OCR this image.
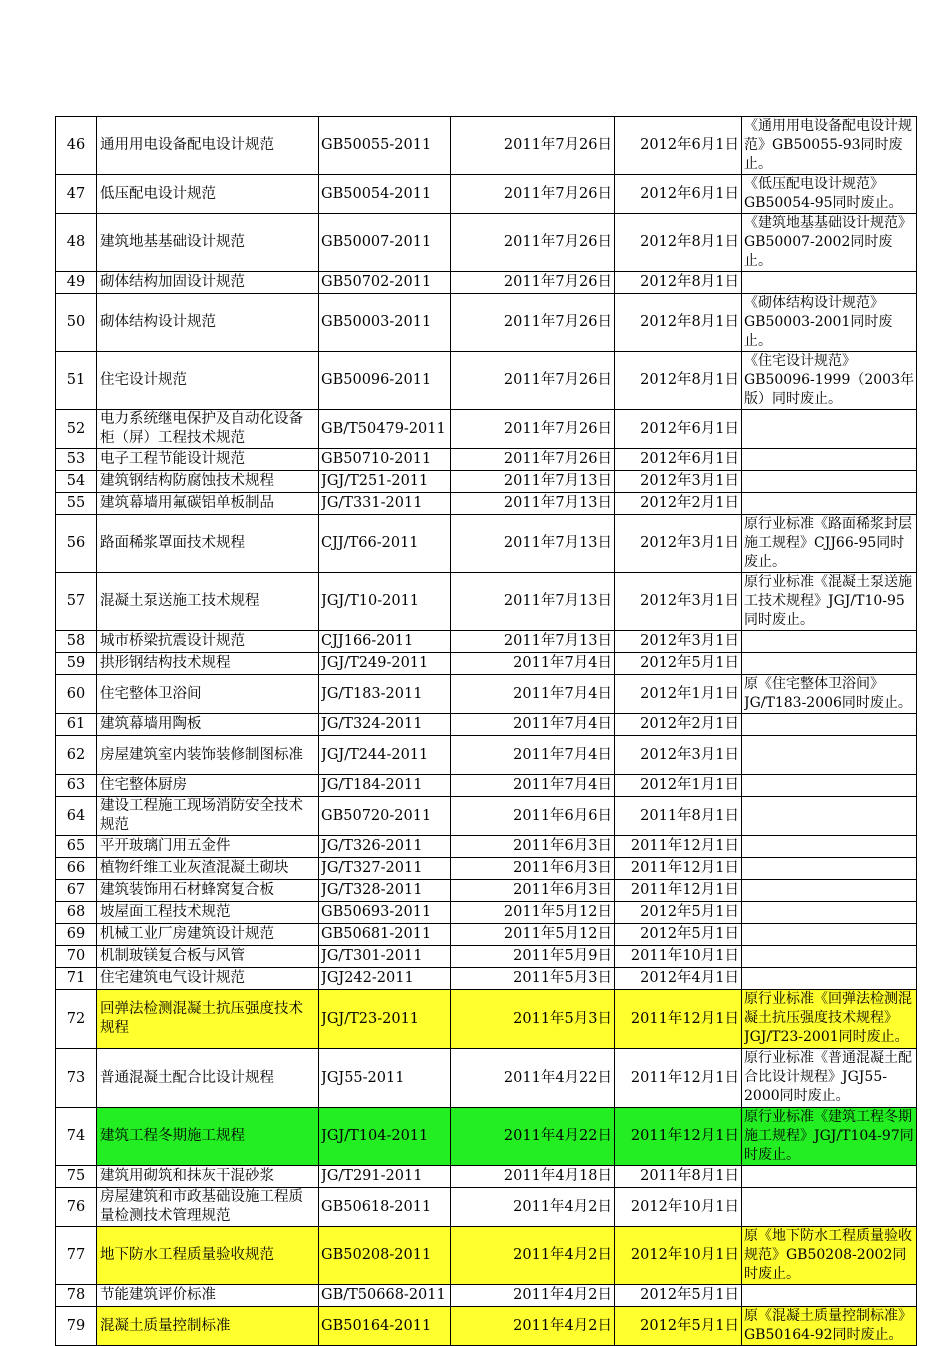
46	通用用电设备配电设计规范	GB50055-2011	2011年7月26日	2012年6月1日	《通用用电设备配电设计规范》GB50055-93同时废止。

47	低压配电设计规范	GB50054-2011	2011年7月26日	2012年6月1日	《低压配电设计规范》GB50054-95同时废止。

48	建筑地基基础设计规范	GB50007-2011	2011年7月26日	2012年8月1日	《建筑地基基础设计规范》GB50007-2002同时废止。

49	砌体结构加固设计规范	GB50702-2011	2011年7月26日	2012年8月1日	

50	砌体结构设计规范	GB50003-2011	2011年7月26日	2012年8月1日	《砌体结构设计规范》GB50003-2001同时废止。

51	住宅设计规范	GB50096-2011	2011年7月26日	2012年8月1日	《住宅设计规范》GB50096-1999（2003年版）同时废止。

52	电力系统继电保护及自动化设备柜（屏）工程技术规范	GB/T50479-2011	2011年7月26日	2012年6月1日	

53	电子工程节能设计规范	GB50710-2011	2011年7月26日	2012年6月1日	

54	建筑钢结构防腐蚀技术规程	JGJ/T251-2011	2011年7月13日	2012年3月1日	

55	建筑幕墙用氟碳铝单板制品	JG/T331-2011	2011年7月13日	2012年2月1日	

56	路面稀浆罩面技术规程	CJJ/T66-2011	2011年7月13日	2012年3月1日	原行业标准《路面稀浆封层施工规程》CJJ66-95同时废止。

57	混凝土泵送施工技术规程	JGJ/T10-2011	2011年7月13日	2012年3月1日	原行业标准《混凝土泵送施工技术规程》JGJ/T10-95同时废止。

58	城市桥梁抗震设计规范	CJJ166-2011	2011年7月13日	2012年3月1日	

59	拱形钢结构技术规程	JGJ/T249-2011	2011年7月4日	2012年5月1日	

60	住宅整体卫浴间	JG/T183-2011	2011年7月4日	2012年1月1日	原《住宅整体卫浴间》JG/T183-2006同时废止。

61	建筑幕墙用陶板	JG/T324-2011	2011年7月4日	2012年2月1日	

62	房屋建筑室内装饰装修制图标准	JGJ/T244-2011	2011年7月4日	2012年3月1日	

63	住宅整体厨房	JG/T184-2011	2011年7月4日	2012年1月1日	

64	建设工程施工现场消防安全技术规范	GB50720-2011	2011年6月6日	2011年8月1日	

65	平开玻璃门用五金件	JG/T326-2011	2011年6月3日	2011年12月1日	

66	植物纤维工业灰渣混凝土砌块	JG/T327-2011	2011年6月3日	2011年12月1日	

67	建筑装饰用石材蜂窝复合板	JG/T328-2011	2011年6月3日	2011年12月1日	

68	坡屋面工程技术规范	GB50693-2011	2011年5月12日	2012年5月1日	

69	机械工业厂房建筑设计规范	GB50681-2011	2011年5月12日	2012年5月1日	

70	机制玻镁复合板与风管	JG/T301-2011	2011年5月9日	2011年10月1日	

71	住宅建筑电气设计规范	JGJ242-2011	2011年5月3日	2012年4月1日	

72	回弹法检测混凝土抗压强度技术规程	JGJ/T23-2011	2011年5月3日	2011年12月1日	原行业标准《回弹法检测混凝土抗压强度技术规程》JGJ/T23-2001同时废止。

73	普通混凝土配合比设计规程	JGJ55-2011	2011年4月22日	2011年12月1日	原行业标准《普通混凝土配合比设计规程》JGJ55-2000同时废止。

74	建筑工程冬期施工规程	JGJ/T104-2011	2011年4月22日	2011年12月1日	原行业标准《建筑工程冬期施工规程》JGJ/T104-97同时废止。

75	建筑用砌筑和抹灰干混砂浆	JG/T291-2011	2011年4月18日	2011年8月1日	

76	房屋建筑和市政基础设施工程质量检测技术管理规范	GB50618-2011	2011年4月2日	2012年10月1日	

77	地下防水工程质量验收规范	GB50208-2011	2011年4月2日	2012年10月1日	原《地下防水工程质量验收规范》GB50208-2002同时废止。

78	节能建筑评价标准	GB/T50668-2011	2011年4月2日	2012年5月1日	

79	混凝土质量控制标准	GB50164-2011	2011年4月2日	2012年5月1日	原《混凝土质量控制标准》GB50164-92同时废止。
